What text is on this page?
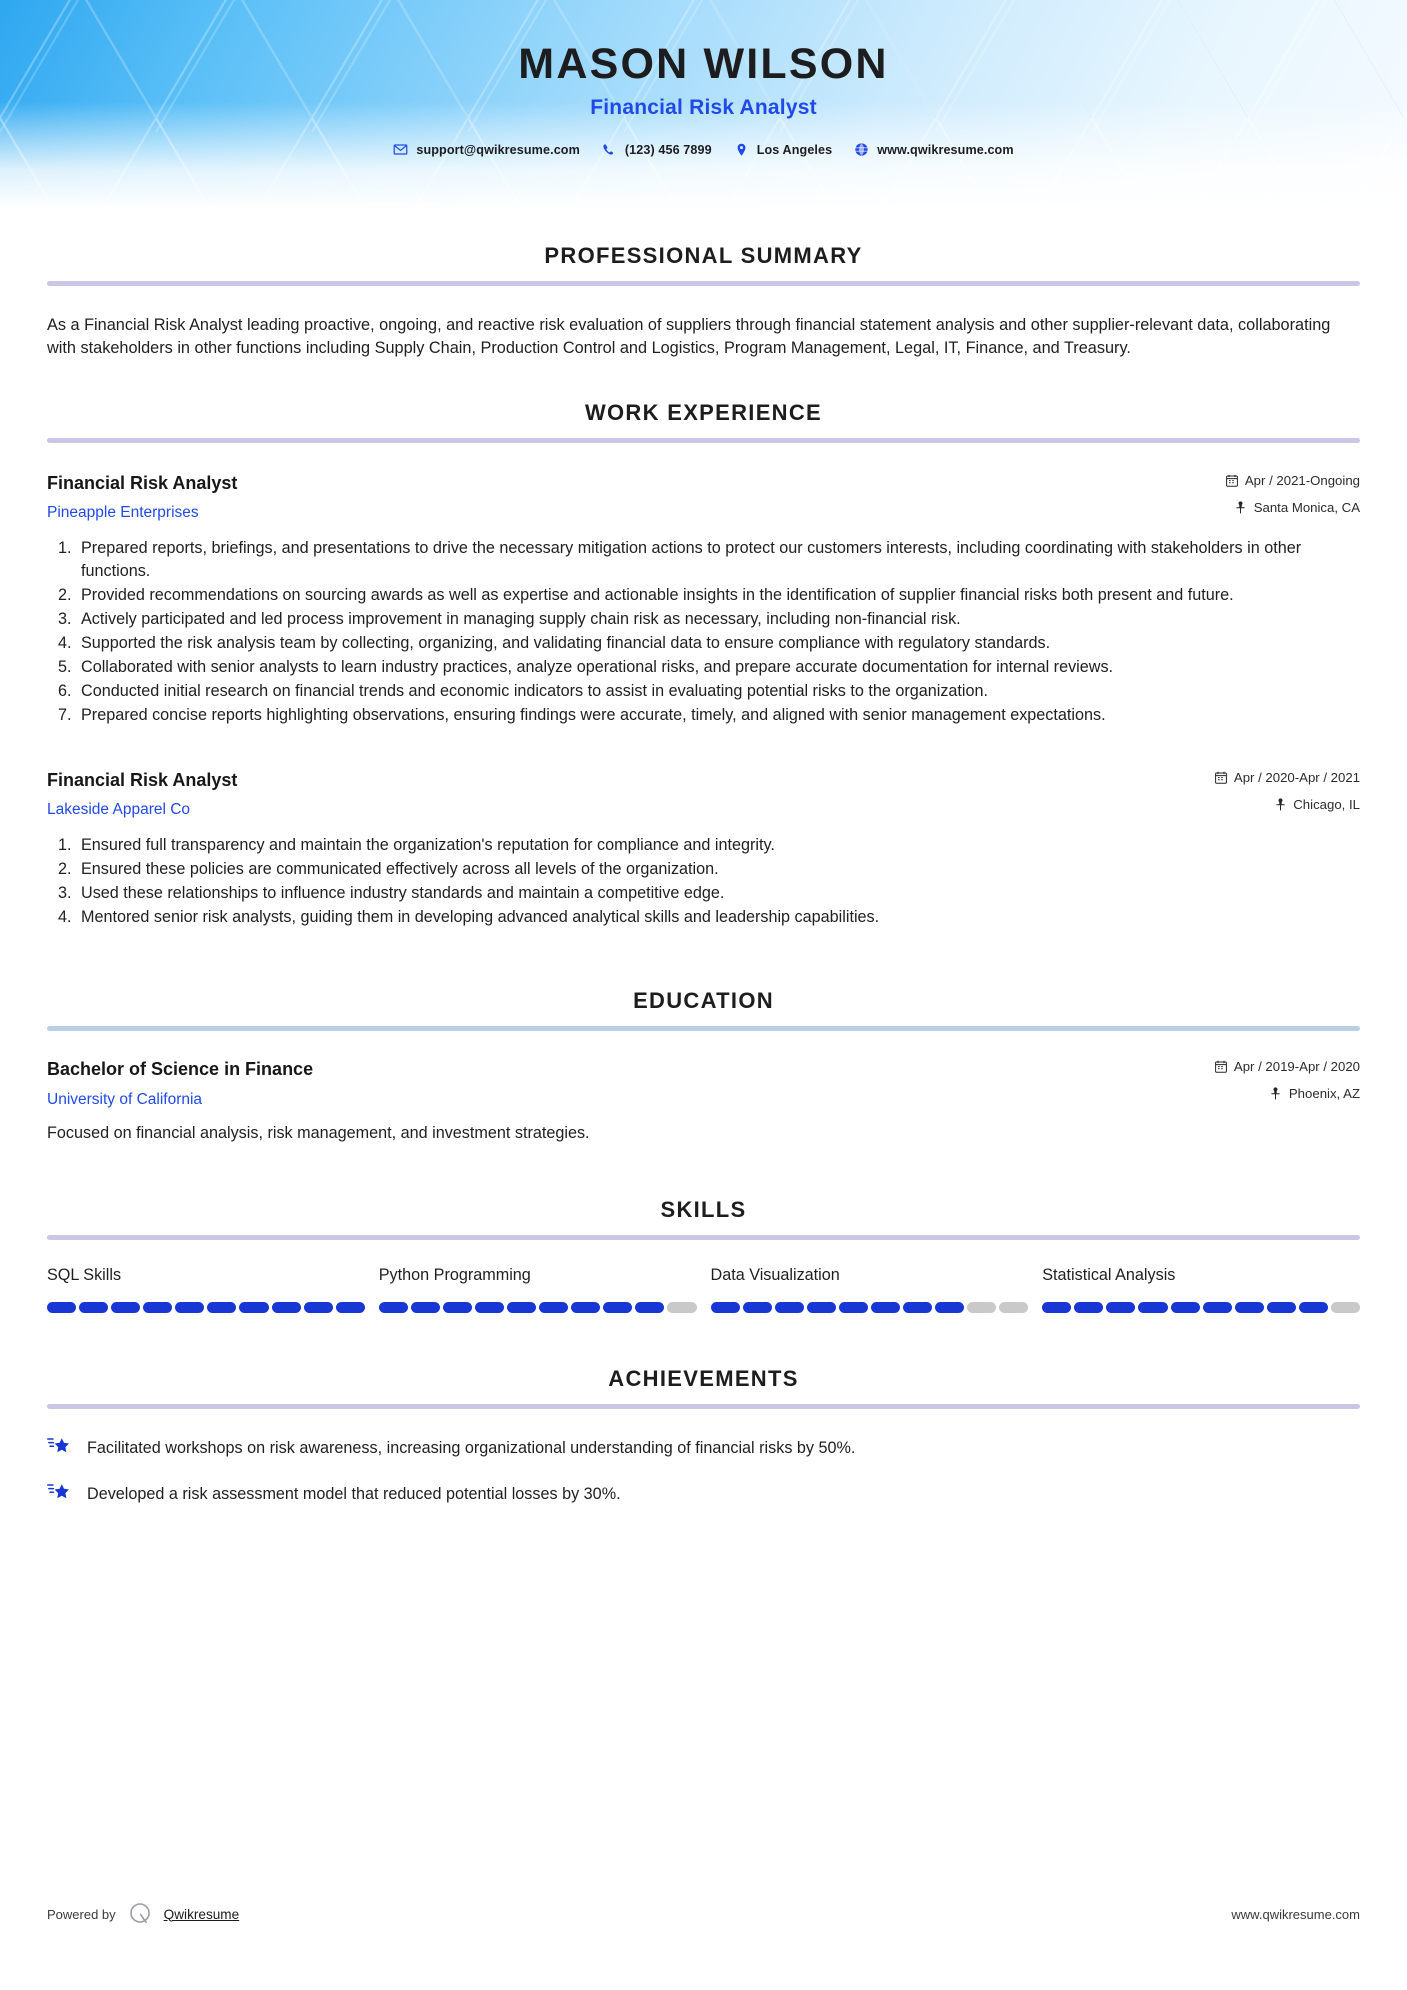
MASON WILSON
Financial Risk Analyst
support@qwikresume.com	(123) 456 7899	Los Angeles	www.qwikresume.com
PROFESSIONAL SUMMARY

As a Financial Risk Analyst leading proactive, ongoing, and reactive risk evaluation of suppliers through financial statement analysis and other supplier-relevant data, collaborating with stakeholders in other functions including Supply Chain, Production Control and Logistics, Program Management, Legal, IT, Finance, and Treasury.

WORK EXPERIENCE
Financial Risk Analyst
Pineapple Enterprises
Apr / 2021-Ongoing
Santa Monica, CA
1. Prepared reports, briefings, and presentations to drive the necessary mitigation actions to protect our customers interests, including coordinating with stakeholders in other functions.
2. Provided recommendations on sourcing awards as well as expertise and actionable insights in the identification of supplier financial risks both present and future.
3. Actively participated and led process improvement in managing supply chain risk as necessary, including non-financial risk.
4. Supported the risk analysis team by collecting, organizing, and validating financial data to ensure compliance with regulatory standards.
5. Collaborated with senior analysts to learn industry practices, analyze operational risks, and prepare accurate documentation for internal reviews.
6. Conducted initial research on financial trends and economic indicators to assist in evaluating potential risks to the organization.
7. Prepared concise reports highlighting observations, ensuring findings were accurate, timely, and aligned with senior management expectations.
Financial Risk Analyst
Lakeside Apparel Co
Apr / 2020-Apr / 2021
Chicago, IL
1. Ensured full transparency and maintain the organization's reputation for compliance and integrity.
2. Ensured these policies are communicated effectively across all levels of the organization.
3. Used these relationships to influence industry standards and maintain a competitive edge.
4. Mentored senior risk analysts, guiding them in developing advanced analytical skills and leadership capabilities.
EDUCATION
Bachelor of Science in Finance
University of California
Apr / 2019-Apr / 2020
Phoenix, AZ
Focused on financial analysis, risk management, and investment strategies.
SKILLS
SQL Skills	Python Programming	Data Visualization	Statistical Analysis
ACHIEVEMENTS
Facilitated workshops on risk awareness, increasing organizational understanding of financial risks by 50%.
Developed a risk assessment model that reduced potential losses by 30%.
Powered by	Qwikresume	www.qwikresume.com
